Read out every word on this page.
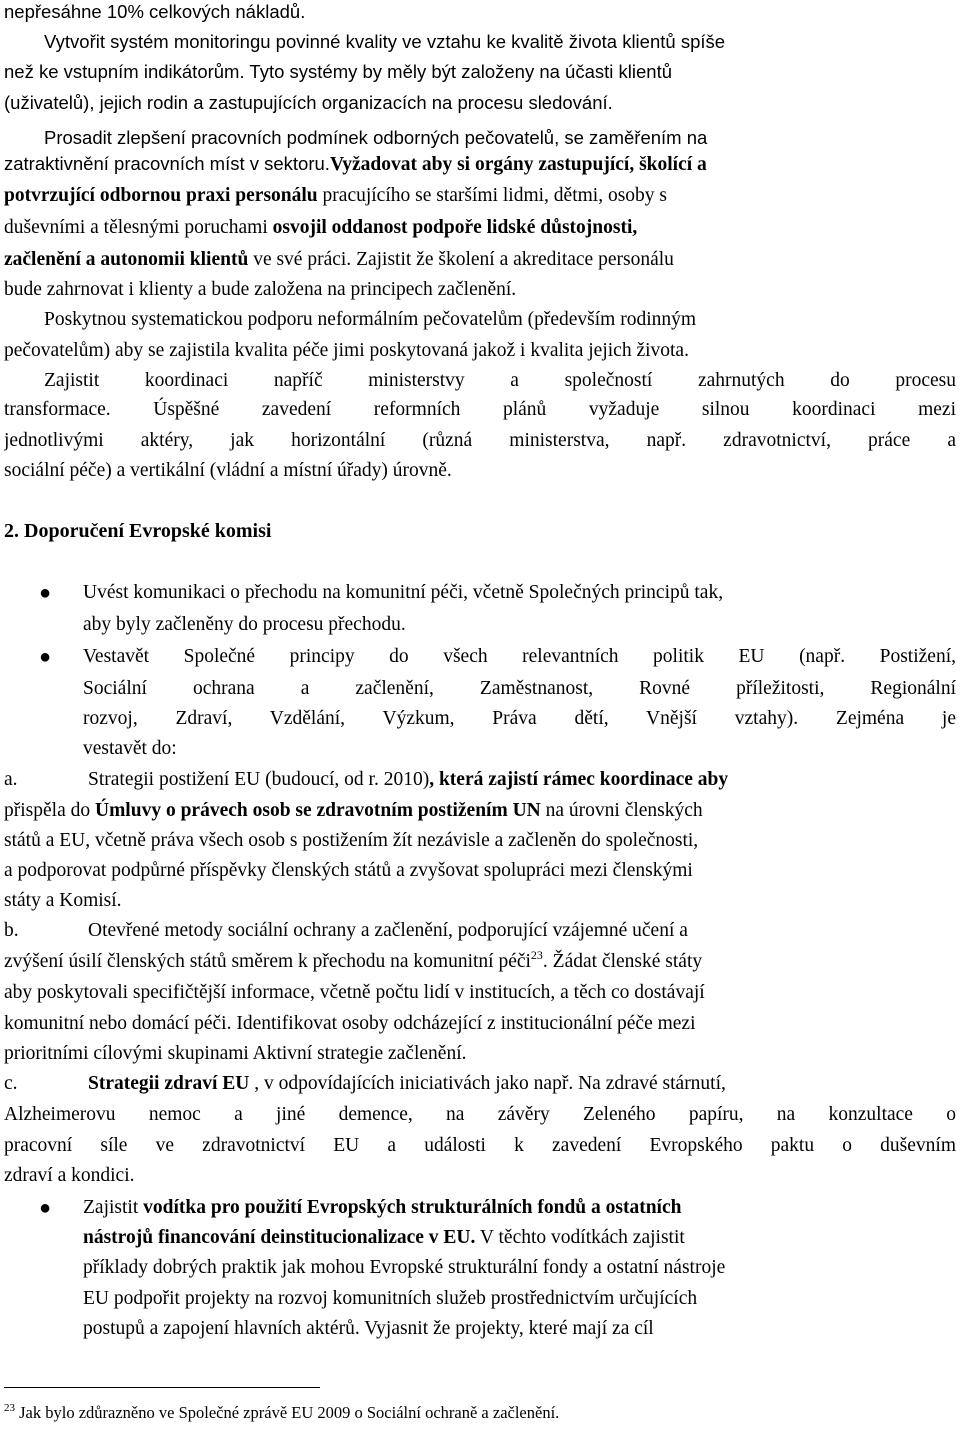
nepřesáhne 10% celkových nákladů.
Vytvořit systém monitoringu povinné kvality ve vztahu ke kvalitě života klientů spíše
než ke vstupním indikátorům. Tyto systémy by měly být založeny na účasti klientů
(uživatelů), jejich rodin a zastupujících organizacích na procesu sledování.
Prosadit zlepšení pracovních podmínek odborných pečovatelů, se zaměřením na
zatraktivnění pracovních míst v sektoru.Vyžadovat aby si orgány zastupující, školící a
potvrzující odbornou praxi personálu pracujícího se staršími lidmi, dětmi, osoby s
duševními a tělesnými poruchami osvojil oddanost podpoře lidské důstojnosti,
začlenění a autonomii klientů ve své práci. Zajistit že školení a akreditace personálu
bude zahrnovat i klienty a bude založena na principech začlenění.
Poskytnou systematickou podporu neformálním pečovatelům (především rodinným
pečovatelům) aby se zajistila kvalita péče jimi poskytovaná jakož i kvalita jejich života.
Zajistit koordinaci napříč ministerstvy a společností zahrnutých do procesu
transformace. Úspěšné zavedení reformních plánů vyžaduje silnou koordinaci mezi
jednotlivými aktéry, jak horizontální (různá ministerstva, např. zdravotnictví, práce a
sociální péče) a vertikální (vládní a místní úřady) úrovně.
2. Doporučení Evropské komisi
● Uvést komunikaci o přechodu na komunitní péči, včetně Společných principů tak,
aby byly začleněny do procesu přechodu.
● Vestavět Společné principy do všech relevantních politik EU (např. Postižení,
Sociální ochrana a začlenění, Zaměstnanost, Rovné příležitosti, Regionální
rozvoj, Zdraví, Vzdělání, Výzkum, Práva dětí, Vnější vztahy). Zejména je
vestavět do:
a.	Strategii postižení EU (budoucí, od r. 2010), která zajistí rámec koordinace aby
přispěla do Úmluvy o právech osob se zdravotním postižením UN na úrovni členských
států a EU, včetně práva všech osob s postižením žít nezávisle a začleněn do společnosti,
a podporovat podpůrné příspěvky členských států a zvyšovat spolupráci mezi členskými
státy a Komisí.
b.	Otevřené metody sociální ochrany a začlenění, podporující vzájemné učení a
zvýšení úsilí členských států směrem k přechodu na komunitní péči$^{23}$. Žádat členské státy
aby poskytovali specifičtější informace, včetně počtu lidí v institucích, a těch co dostávají
komunitní nebo domácí péči. Identifikovat osoby odcházející z institucionální péče mezi
prioritními cílovými skupinami Aktivní strategie začlenění.
c.	Strategii zdraví EU , v odpovídajících iniciativách jako např. Na zdravé stárnutí,
Alzheimerovu nemoc a jiné demence, na závěry Zeleného papíru, na konzultace o
pracovní síle ve zdravotnictví EU a události k zavedení Evropského paktu o duševním
zdraví a kondici.
● Zajistit vodítka pro použití Evropských strukturálních fondů a ostatních
nástrojů financování deinstitucionalizace v EU. V těchto vodítkách zajistit
příklady dobrých praktik jak mohou Evropské strukturální fondy a ostatní nástroje
EU podpořit projekty na rozvoj komunitních služeb prostřednictvím určujících
postupů a zapojení hlavních aktérů. Vyjasnit že projekty, které mají za cíl
$^{23}$ Jak bylo zdůrazněno ve Společné zprávě EU 2009 o Sociální ochraně a začlenění.
